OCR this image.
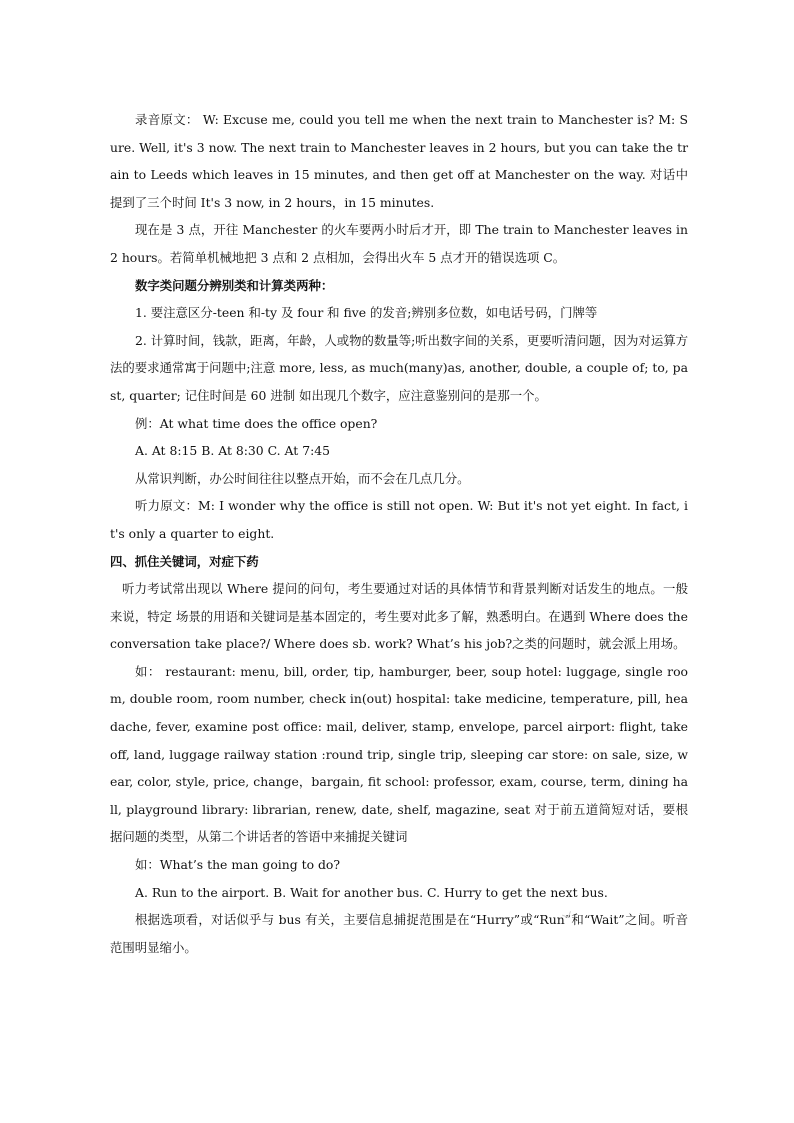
录音原文： W: Excuse me, could you tell me when the next train to Manchester is? M: Sure. Well, it's 3 now. The next train to Manchester leaves in 2 hours, but you can take the train to Leeds which leaves in 15 minutes, and then get off at Manchester on the way. 对话中提到了三个时间 It's 3 now, in 2 hours，in 15 minutes.

现在是 3 点，开往 Manchester 的火车要两小时后才开，即 The train to Manchester leaves in 2 hours。若简单机械地把 3 点和 2 点相加，会得出火车 5 点才开的错误选项 C。

数字类问题分辨别类和计算类两种：

1. 要注意区分-teen 和-ty 及 four 和 five 的发音;辨别多位数，如电话号码，门牌等

2. 计算时间，钱款，距离，年龄，人或物的数量等;听出数字间的关系，更要听清问题，因为对运算方法的要求通常寓于问题中;注意 more, less, as much(many)as, another, double, a couple of; to, past, quarter; 记住时间是 60 进制 如出现几个数字，应注意鉴别问的是那一个。

例：At what time does the office open?

A. At 8:15 B. At 8:30 C. At 7:45

从常识判断，办公时间往往以整点开始，而不会在几点几分。

听力原文：M: I wonder why the office is still not open. W: But it's not yet eight. In fact, it's only a quarter to eight.

四、抓住关键词，对症下药

听力考试常出现以 Where 提问的问句，考生要通过对话的具体情节和背景判断对话发生的地点。一般来说，特定 场景的用语和关键词是基本固定的，考生要对此多了解，熟悉明白。在遇到 Where does the conversation take place?/ Where does sb. work? What’s his job?之类的问题时，就会派上用场。

如： restaurant: menu, bill, order, tip, hamburger, beer, soup hotel: luggage, single room, double room, room number, check in(out) hospital: take medicine, temperature, pill, headache, fever, examine post office: mail, deliver, stamp, envelope, parcel airport: flight, take off, land, luggage railway station :round trip, single trip, sleeping car store: on sale, size, wear, color, style, price, change，bargain, fit school: professor, exam, course, term, dining hall, playground library: librarian, renew, date, shelf, magazine, seat 对于前五道简短对话，要根据问题的类型，从第二个讲话者的答语中来捕捉关键词

如：What’s the man going to do?

A. Run to the airport. B. Wait for another bus. C. Hurry to get the next bus.

根据选项看，对话似乎与 bus 有关，主要信息捕捉范围是在“Hurry”或“Run”和“Wait”之间。听音范围明显缩小。
